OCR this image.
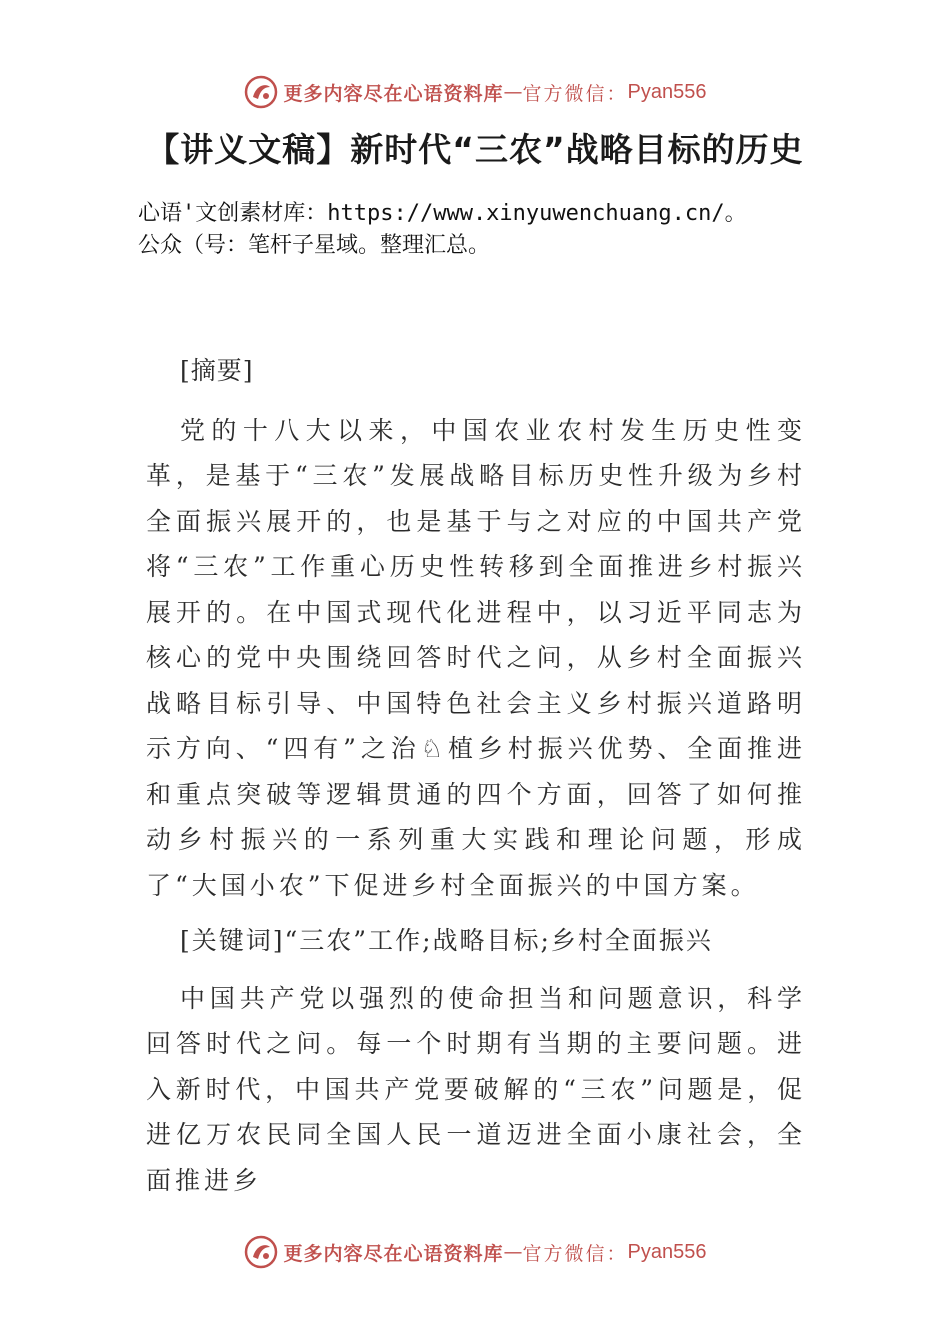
更多内容尽在心语资料库 — 官方微信： Pyan556
【讲义文稿】新时代“三农”战略目标的历史
心语'文创素材库：https://www.xinyuwenchuang.cn/。
公众（号：笔杆子星域。整理汇总。

[摘要]

党的十八大以来，中国农业农村发生历史性变革，是基于“三农”发展战略目标历史性升级为乡村全面振兴展开的，也是基于与之对应的中国共产党将“三农”工作重心历史性转移到全面推进乡村振兴展开的。在中国式现代化进程中，以习近平同志为核心的党中央围绕回答时代之问，从乡村全面振兴战略目标引导、中国特色社会主义乡村振兴道路明示方向、“四有”之治♘植乡村振兴优势、全面推进和重点突破等逻辑贯通的四个方面，回答了如何推动乡村振兴的一系列重大实践和理论问题，形成了“大国小农”下促进乡村全面振兴的中国方案。

[关键词]“三农”工作;战略目标;乡村全面振兴

中国共产党以强烈的使命担当和问题意识，科学回答时代之问。每一个时期有当期的主要问题。进入新时代，中国共产党要破解的“三农”问题是，促进亿万农民同全国人民一道迈进全面小康社会，全面推进乡

更多内容尽在心语资料库 — 官方微信： Pyan556
